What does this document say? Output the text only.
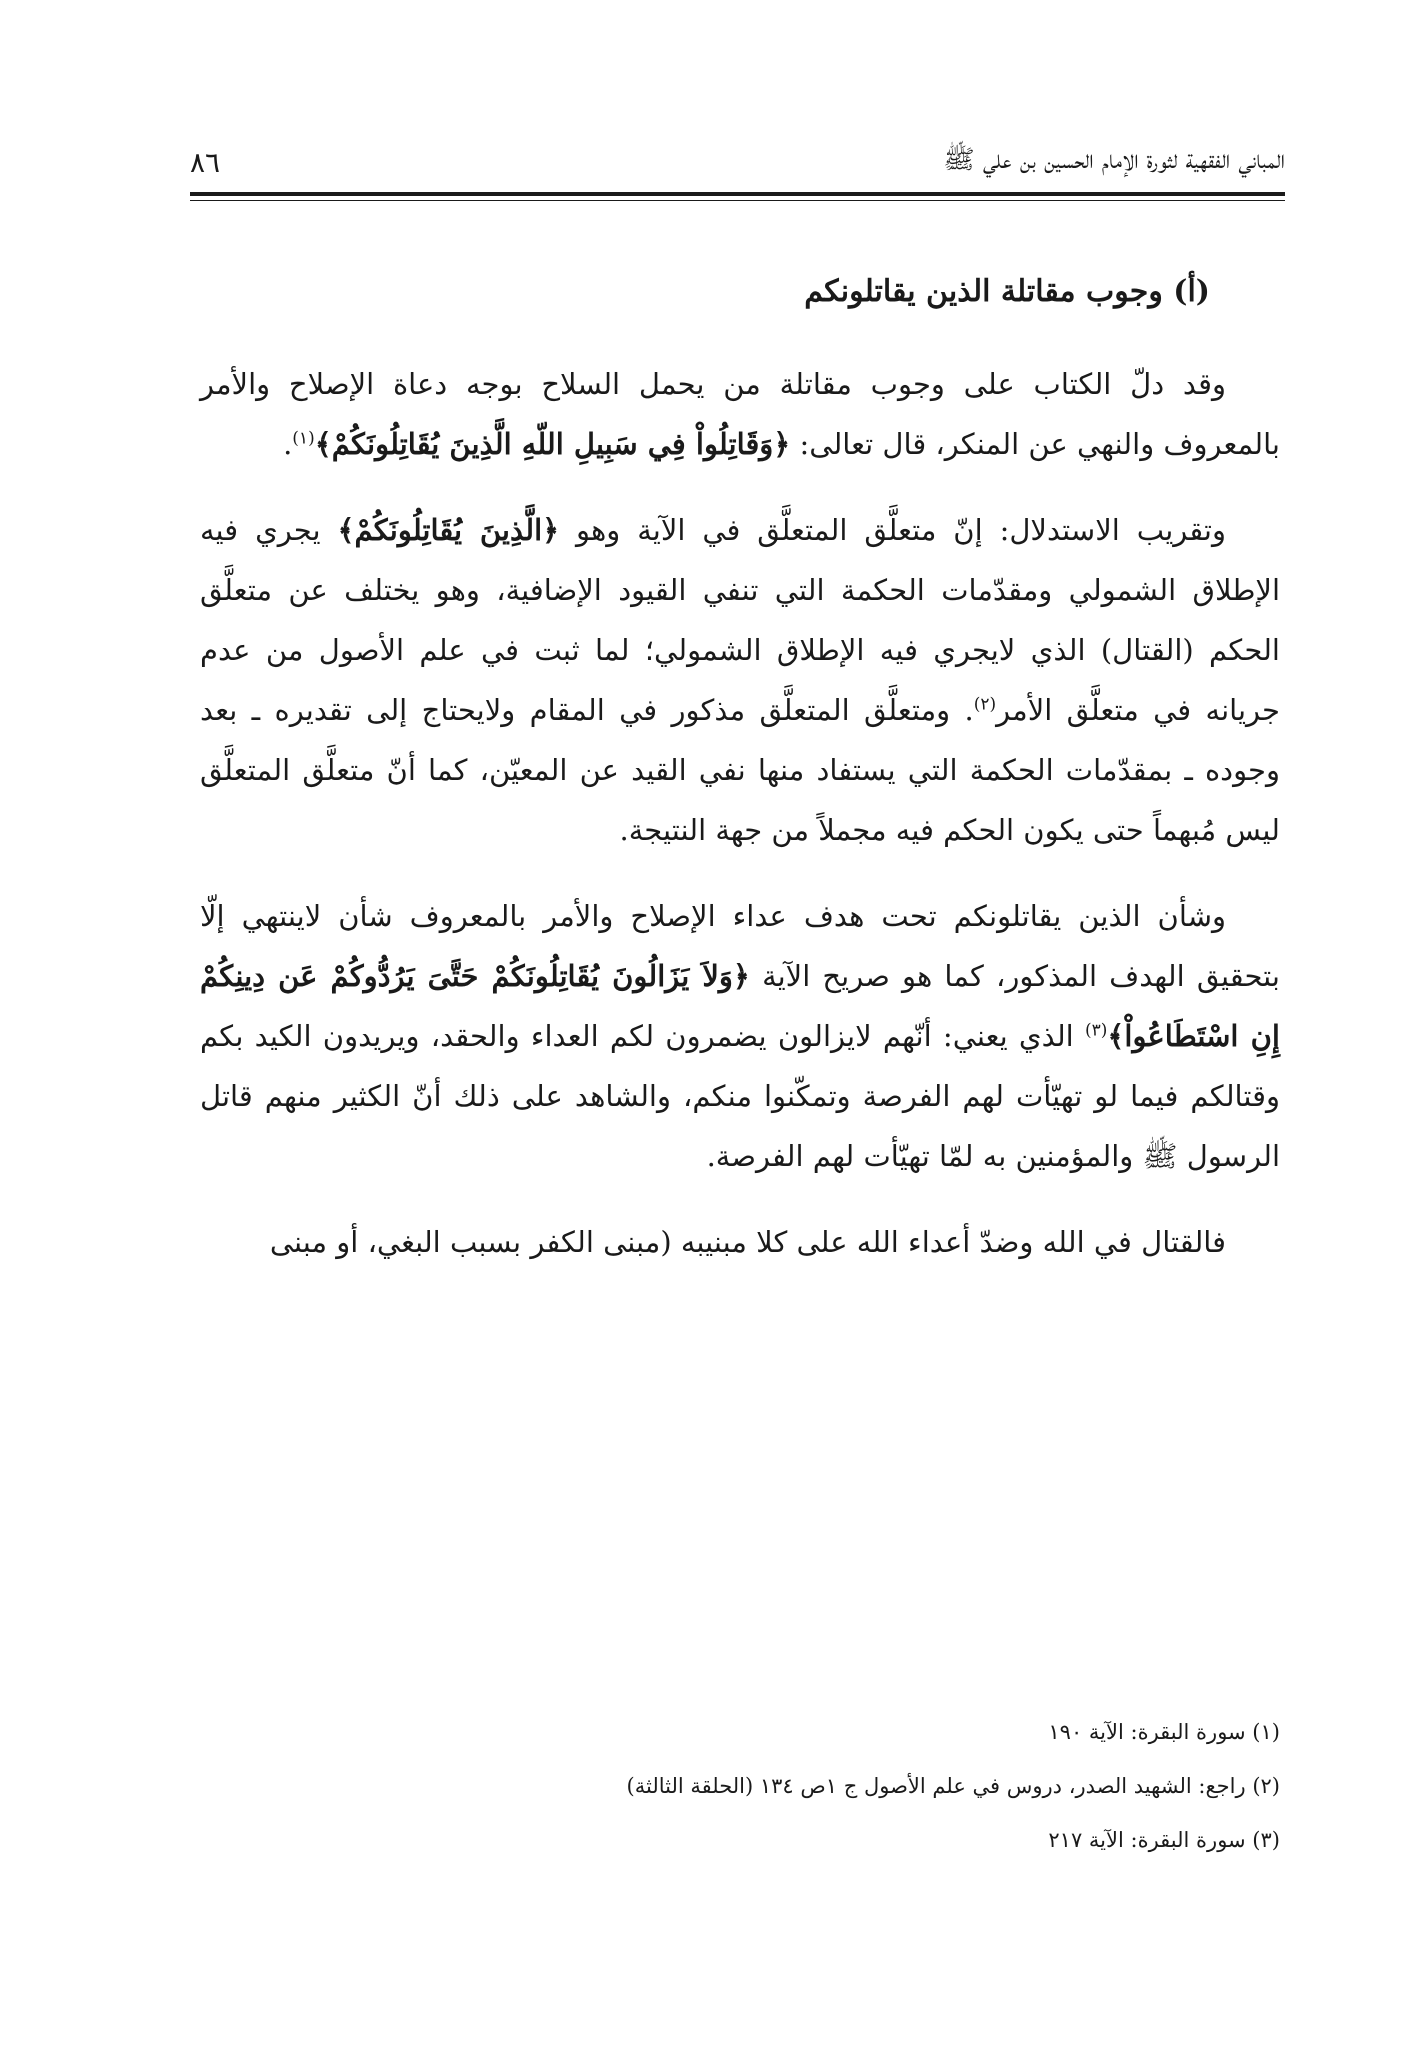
المباني الفقهية لثورة الإمام الحسين بن علي ﷺ
٨٦

(أ) وجوب مقاتلة الذين يقاتلونكم

وقد دلّ الكتاب على وجوب مقاتلة من يحمل السلاح بوجه دعاة الإصلاح والأمر بالمعروف والنهي عن المنكر، قال تعالى: ﴿وَقَاتِلُواْ فِي سَبِيلِ اللّهِ الَّذِينَ يُقَاتِلُونَكُمْ﴾$^{(١)}$.

وتقريب الاستدلال: إنّ متعلَّق المتعلَّق في الآية وهو ﴿الَّذِينَ يُقَاتِلُونَكُمْ﴾ يجري فيه الإطلاق الشمولي ومقدّمات الحكمة التي تنفي القيود الإضافية، وهو يختلف عن متعلَّق الحكم (القتال) الذي لايجري فيه الإطلاق الشمولي؛ لما ثبت في علم الأصول من عدم جريانه في متعلَّق الأمر$^{(٢)}$. ومتعلَّق المتعلَّق مذكور في المقام ولايحتاج إلى تقديره ـ بعد وجوده ـ بمقدّمات الحكمة التي يستفاد منها نفي القيد عن المعيّن، كما أنّ متعلَّق المتعلَّق ليس مُبهماً حتى يكون الحكم فيه مجملاً من جهة النتيجة.

وشأن الذين يقاتلونكم تحت هدف عداء الإصلاح والأمر بالمعروف شأن لاينتهي إلّا بتحقيق الهدف المذكور، كما هو صريح الآية ﴿وَلاَ يَزَالُونَ يُقَاتِلُونَكُمْ حَتَّىَ يَرُدُّوكُمْ عَن دِينِكُمْ إِنِ اسْتَطَاعُواْ﴾$^{(٣)}$ الذي يعني: أنّهم لايزالون يضمرون لكم العداء والحقد، ويريدون الكيد بكم وقتالكم فيما لو تهيّأت لهم الفرصة وتمكّنوا منكم، والشاهد على ذلك أنّ الكثير منهم قاتل الرسول ﷺ والمؤمنين به لمّا تهيّأت لهم الفرصة.

فالقتال في الله وضدّ أعداء الله على كلا مبنيبه (مبنى الكفر بسبب البغي، أو مبنى

(١) سورة البقرة: الآية ١٩٠
(٢) راجع: الشهيد الصدر، دروس في علم الأصول ج ١ص ١٣٤ (الحلقة الثالثة)
(٣) سورة البقرة: الآية ٢١٧
